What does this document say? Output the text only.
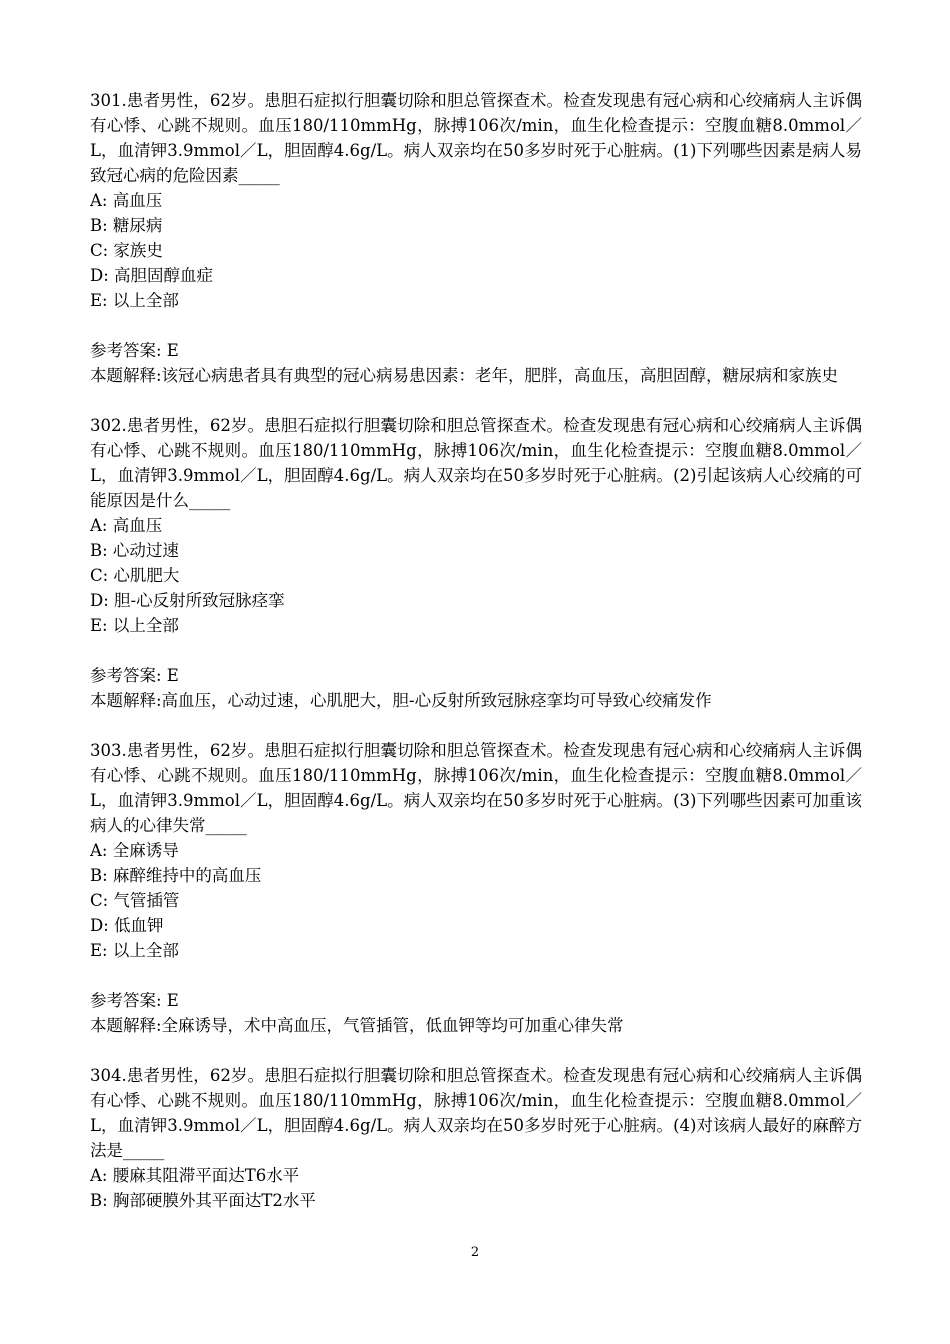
301.患者男性，62岁。患胆石症拟行胆囊切除和胆总管探查术。检查发现患有冠心病和心绞痛病人主诉偶有心悸、心跳不规则。血压180/110mmHg，脉搏106次/min，血生化检查提示：空腹血糖8.0mmol／L，血清钾3.9mmol／L，胆固醇4.6g/L。病人双亲均在50多岁时死于心脏病。(1)下列哪些因素是病人易致冠心病的危险因素_____
A: 高血压
B: 糖尿病
C: 家族史
D: 高胆固醇血症
E: 以上全部
参考答案: E
本题解释:该冠心病患者具有典型的冠心病易患因素：老年，肥胖，高血压，高胆固醇，糖尿病和家族史
302.患者男性，62岁。患胆石症拟行胆囊切除和胆总管探查术。检查发现患有冠心病和心绞痛病人主诉偶有心悸、心跳不规则。血压180/110mmHg，脉搏106次/min，血生化检查提示：空腹血糖8.0mmol／L，血清钾3.9mmol／L，胆固醇4.6g/L。病人双亲均在50多岁时死于心脏病。(2)引起该病人心绞痛的可能原因是什么_____
A: 高血压
B: 心动过速
C: 心肌肥大
D: 胆-心反射所致冠脉痉挛
E: 以上全部
参考答案: E
本题解释:高血压，心动过速，心肌肥大，胆-心反射所致冠脉痉挛均可导致心绞痛发作
303.患者男性，62岁。患胆石症拟行胆囊切除和胆总管探查术。检查发现患有冠心病和心绞痛病人主诉偶有心悸、心跳不规则。血压180/110mmHg，脉搏106次/min，血生化检查提示：空腹血糖8.0mmol／L，血清钾3.9mmol／L，胆固醇4.6g/L。病人双亲均在50多岁时死于心脏病。(3)下列哪些因素可加重该病人的心律失常_____
A: 全麻诱导
B: 麻醉维持中的高血压
C: 气管插管
D: 低血钾
E: 以上全部
参考答案: E
本题解释:全麻诱导，术中高血压，气管插管，低血钾等均可加重心律失常
304.患者男性，62岁。患胆石症拟行胆囊切除和胆总管探查术。检查发现患有冠心病和心绞痛病人主诉偶有心悸、心跳不规则。血压180/110mmHg，脉搏106次/min，血生化检查提示：空腹血糖8.0mmol／L，血清钾3.9mmol／L，胆固醇4.6g/L。病人双亲均在50多岁时死于心脏病。(4)对该病人最好的麻醉方法是_____
A: 腰麻其阻滞平面达T6水平
B: 胸部硬膜外其平面达T2水平
2
